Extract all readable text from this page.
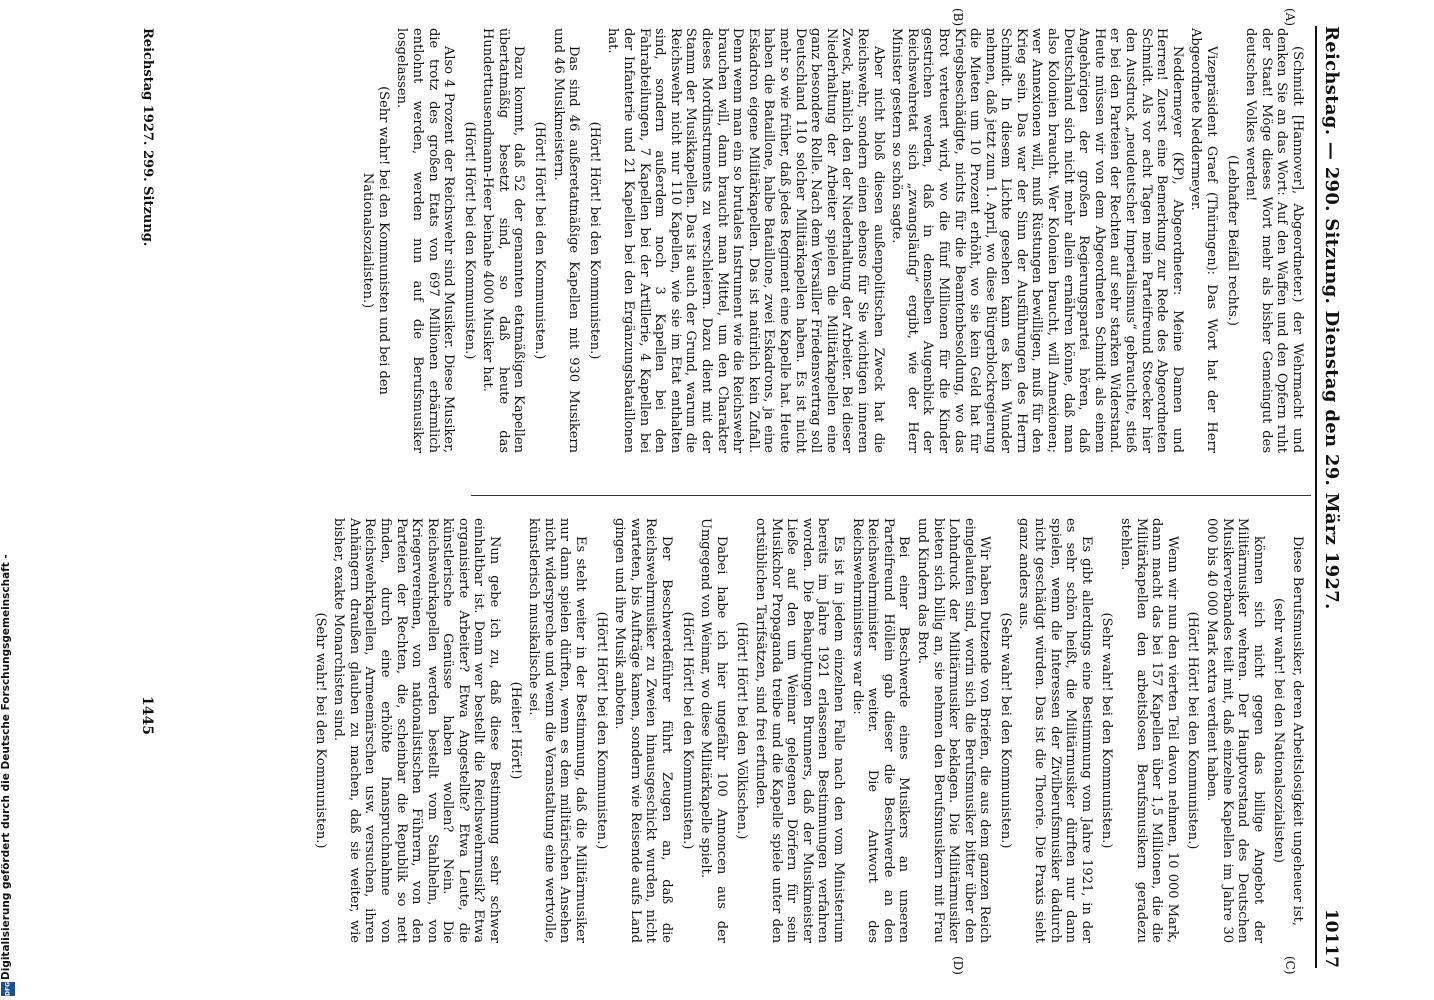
Digitalisierung gefördert durch die Deutsche Forschungsgemeinschaft -
DFG
Reichstag. — 290. Sitzung. Dienstag den 29. März 1927.
10117
(A)
(B)
(C)
(D)

(Schmidt [Hannover], Abgeordneter.) der Wehrmacht und denken Sie an das Wort: Auf den Waffen und den Opfern ruht der Staat! Möge dieses Wort mehr als bisher Gemeingut des deutschen Volkes werden!

(Lebhafter Beifall rechts.)

Vizepräsident Graef (Thüringen): Das Wort hat der Herr Abgeordnete Neddermeyer.

Neddermeyer (KP), Abgeordneter: Meine Damen und Herren! Zuerst eine Bemerkung zur Rede des Abgeordneten Schmidt. Als vor acht Tagen mein Parteifreund Stoecker hier den Ausdruck „neudeutscher Imperialismus“ gebrauchte, stieß er bei den Parteien der Rechten auf sehr starken Widerstand. Heute müssen wir von dem Abgeordneten Schmidt als einem Angehörigen der großen Regierungspartei hören, daß Deutschland sich nicht mehr allein ernähren könne, daß man also Kolonien braucht. Wer Kolonien braucht, will Annexionen; wer Annexionen will, muß Rüstungen bewilligen, muß für den Krieg sein. Das war der Sinn der Ausführungen des Herrn Schmidt. In diesem Lichte gesehen kann es kein Wunder nehmen, daß jetzt zum 1. April, wo diese Bürgerblockregierung die Mieten um 10 Prozent erhöht, wo sie kein Geld hat für Kriegsbeschädigte, nichts für die Beamtenbesoldung, wo das Brot verteuert wird, wo die fünf Millionen für die Kinder gestrichen werden, daß in demselben Augenblick der Reichswehretat sich „zwangsläufig“ ergibt, wie der Herr Minister gestern so schön sagte.

Aber nicht bloß diesen außenpolitischen Zweck hat die Reichswehr, sondern einen ebenso für Sie wichtigen inneren Zweck, nämlich den der Niederhaltung der Arbeiter. Bei dieser Niederhaltung der Arbeiter spielen die Militärkapellen eine ganz besondere Rolle. Nach dem Versailler Friedensvertrag soll Deutschland 110 solcher Militärkapellen haben. Es ist nicht mehr so wie früher, daß jedes Regiment eine Kapelle hat. Heute haben die Bataillone, halbe Bataillone, zwei Eskadrons, ja eine Eskadron eigene Militärkapellen. Das ist natürlich kein Zufall. Denn wenn man ein so brutales Instrument wie die Reichswehr brauchen will, dann braucht man Mittel, um den Charakter dieses Mordinstruments zu verschleiern. Dazu dient mit der Stamm der Musikkapellen. Das ist auch der Grund, warum die Reichswehr nicht nur 110 Kapellen, wie sie im Etat enthalten sind, sondern außerdem noch 3 Kapellen bei den Fahrabteilungen, 7 Kapellen bei der Artillerie, 4 Kapellen bei der Infanterie und 21 Kapellen bei den Ergänzungsbataillonen hat.

(Hört! Hört! bei den Kommunisten.)

Das sind 46 außeretatmäßige Kapellen mit 930 Musikern und 46 Musikmeistern.

(Hört! Hört! bei den Kommunisten.)

Dazu kommt, daß 52 der genannten etatmäßigen Kapellen übertatmäßig besetzt sind, so daß heute das Hunderttausendmann-Heer beinahe 4000 Musiker hat.

(Hört! Hört! bei den Kommunisten.)

Also 4 Prozent der Reichswehr sind Musiker. Diese Musiker, die trotz des großen Etats von 697 Millionen erbärmlich entlohnt werden, werden nun auf die Berufsmusiker losgelassen.

(Sehr wahr! bei den Kommunisten und bei den Nationalsozialisten.)

Diese Berufsmusiker, deren Arbeitslosigkeit ungeheuer ist,

(sehr wahr! bei den Nationalsozialisten)

können sich nicht gegen das billige Angebot der Militärmusiker wehren. Der Hauptvorstand des Deutschen Musikerverbandes teilt mit, daß einzelne Kapellen im Jahre 30 000 bis 40 000 Mark extra verdient haben.

(Hört! Hört! bei den Kommunisten.)

Wenn wir nun den vierten Teil davon nehmen, 10 000 Mark, dann macht das bei 157 Kapellen über 1,5 Millionen, die die Militärkapellen den arbeitslosen Berufsmusikern geradezu stehlen.

(Sehr wahr! bei den Kommunisten.)

Es gibt allerdings eine Bestimmung vom Jahre 1921, in der es sehr schön heißt, die Militärmusiker dürften nur dann spielen, wenn die Interessen der Zivilberufsmusiker dadurch nicht geschädigt würden. Das ist die Theorie. Die Praxis sieht ganz anders aus.

(Sehr wahr! bei den Kommunisten.)

Wir haben Dutzende von Briefen, die aus dem ganzen Reich eingelaufen sind, worin sich die Berufsmusiker bitter über den Lohndruck der Militärmusiker beklagen. Die Militärmusiker bieten sich billig an, sie nehmen den Berufsmusikern mit Frau und Kindern das Brot.

Bei einer Beschwerde eines Musikers an unseren Parteifreund Höllein gab dieser die Beschwerde an den Reichswehrminister weiter. Die Antwort des Reichswehrministers war die:

Es ist in jedem einzelnen Falle nach den vom Ministerium bereits im Jahre 1921 erlassenen Bestimmungen verfahren worden. Die Behauptungen Brunners, daß der Musikmeister Ließe auf den um Weimar gelegenen Dörfern für sein Musikchor Propaganda treibe und die Kapelle spiele unter den ortsüblichen Tarifsätzen, sind frei erfunden.

(Hört! Hört! bei den Völkischen.)

Dabei habe ich hier ungefähr 100 Annoncen aus der Umgegend von Weimar, wo diese Militärkapelle spielt.

(Hört! Hört! bei den Kommunisten.)

Der Beschwerdeführer führt Zeugen an, daß die Reichswehrmusiker zu Zweien hinausgeschickt wurden, nicht warteten, bis Aufträge kamen, sondern wie Reisende aufs Land gingen und ihre Musik anboten.

(Hört! Hört! bei den Kommunisten.)

Es steht weiter in der Bestimmung, daß die Militärmusiker nur dann spielen dürften, wenn es dem militärischen Ansehen nicht widerspreche und wenn die Veranstaltung eine wertvolle, künstlerisch musikalische sei.

(Heiter! Hört!)

Nun gebe ich zu, daß diese Bestimmung sehr schwer einhaltbar ist. Denn wer bestellt die Reichswehrmusik? Etwa organisierte Arbeiter? Etwa Angestellte? Etwa Leute, die künstlerische Genüsse haben wollen? Nein. Die Reichswehrkapellen werden bestellt vom Stahlhelm, von Kriegervereinen, von nationalistischen Führern, von den Parteien der Rechten, die, scheinbar die Republik so nett finden, durch eine erhöhte Inanspruchnahme von Reichswehrkapellen, Armeemärschen usw. versuchen, ihren Anhängern draußen glauben zu machen, daß sie weiter, wie bisher, exakte Monarchisten sind.

(Sehr wahr! bei den Kommunisten.)

Reichstag 1927. 299. Sitzung.
1445
